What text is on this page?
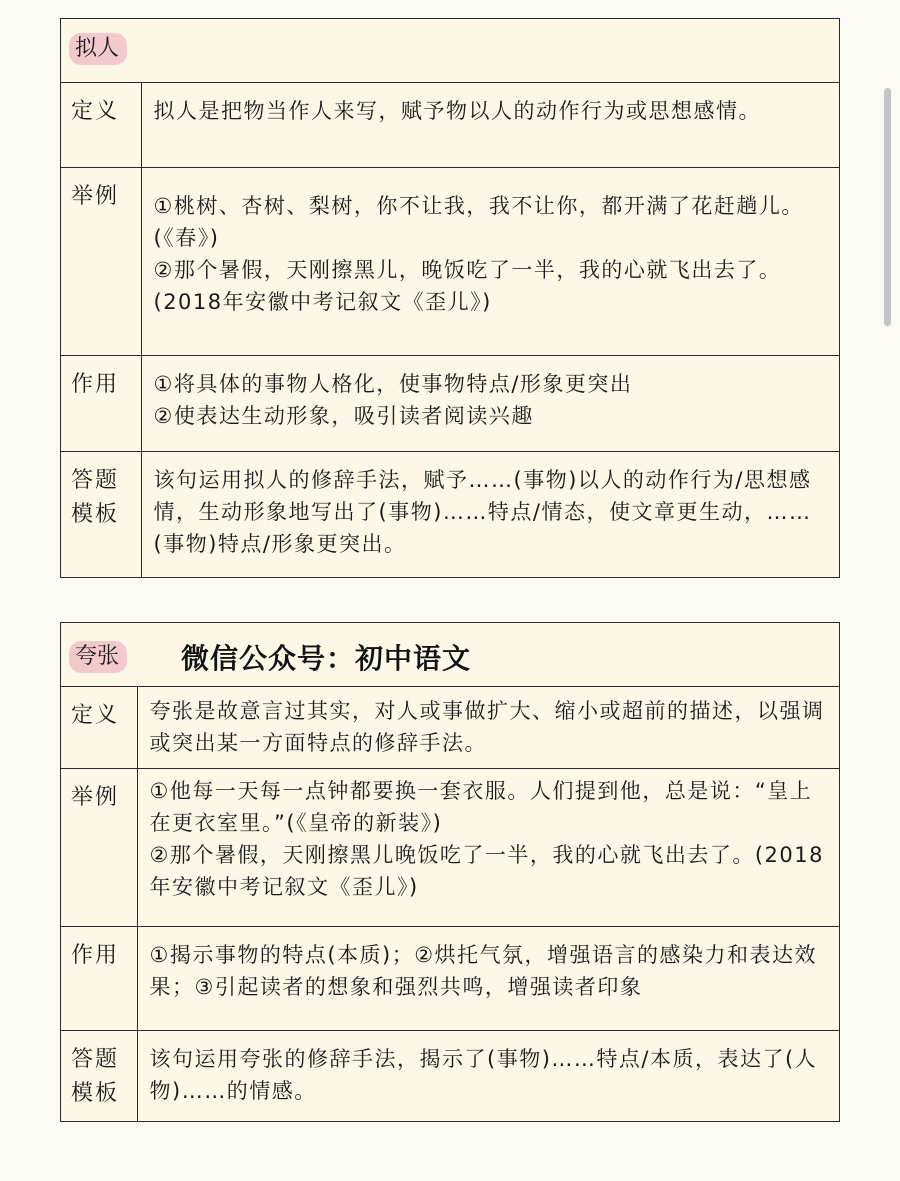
拟人	

定义	拟人是把物当作人来写，赋予物以人的动作行为或思想感情。

举例	①桃树、杏树、梨树，你不让我，我不让你，都开满了花赶趟儿。(《春》)

②那个暑假，天刚擦黑儿，晚饭吃了一半，我的心就飞出去了。(2018年安徽中考记叙文《歪儿》)

作用	①将具体的事物人格化，使事物特点/形象更突出

②使表达生动形象，吸引读者阅读兴趣

答题模板	该句运用拟人的修辞手法，赋予……(事物)以人的动作行为/思想感情，生动形象地写出了(事物)……特点/情态，使文章更生动，……(事物)特点/形象更突出。

夸张 微信公众号：初中语文	

定义	夸张是故意言过其实，对人或事做扩大、缩小或超前的描述，以强调或突出某一方面特点的修辞手法。

举例	①他每一天每一点钟都要换一套衣服。人们提到他，总是说：“皇上在更衣室里。”(《皇帝的新装》)

②那个暑假，天刚擦黑儿晚饭吃了一半，我的心就飞出去了。(2018年安徽中考记叙文《歪儿》)

作用	①揭示事物的特点(本质)；②烘托气氛，增强语言的感染力和表达效果；③引起读者的想象和强烈共鸣，增强读者印象

答题模板	该句运用夸张的修辞手法，揭示了(事物)……特点/本质，表达了(人物)……的情感。
